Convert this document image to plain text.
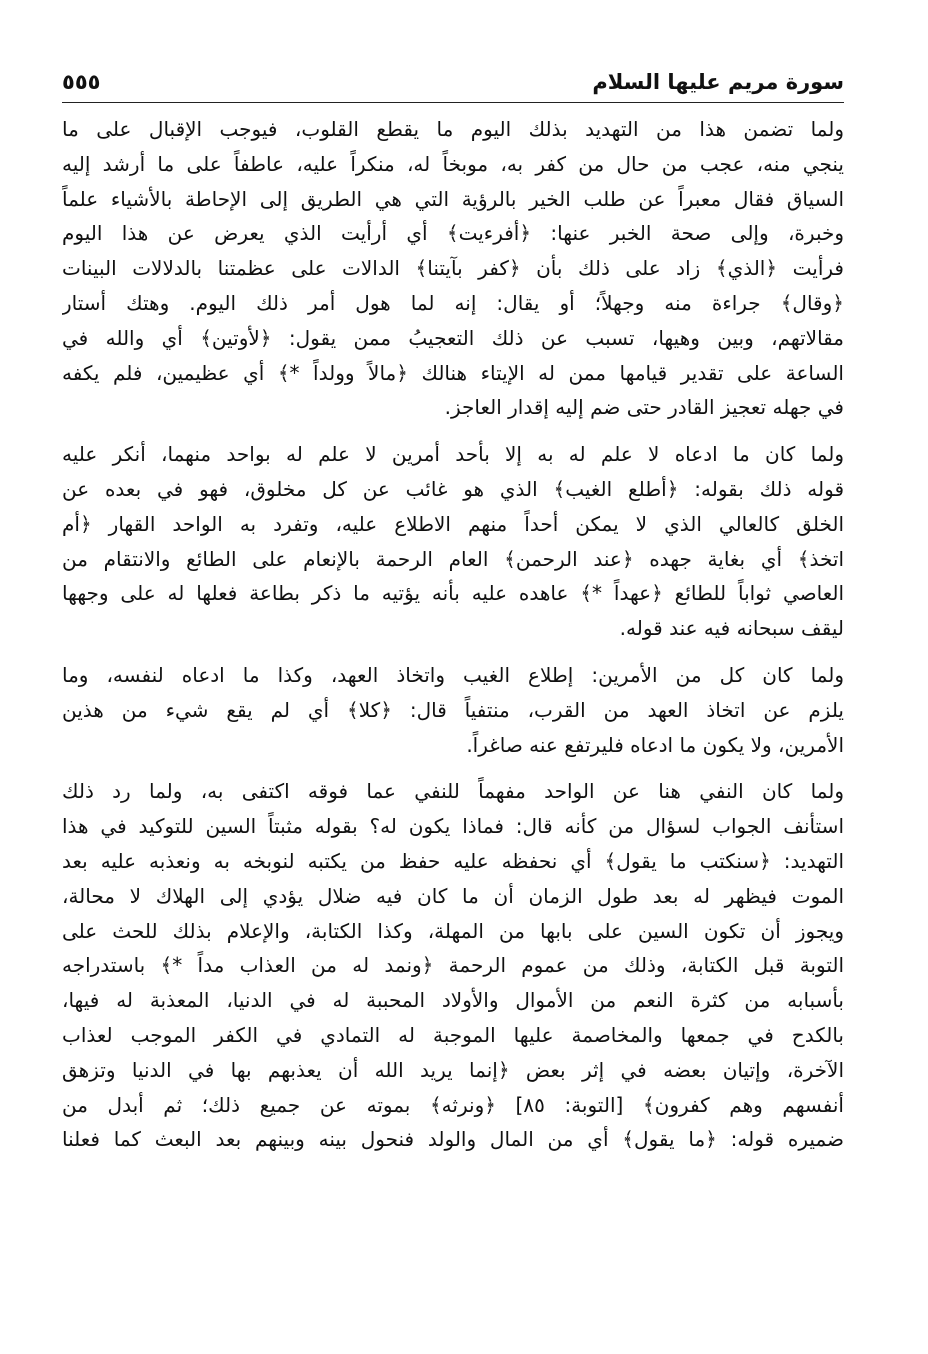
سورة مريم عليها السلام
٥٥٥
ولما تضمن هذا من التهديد بذلك اليوم ما يقطع القلوب، فيوجب الإقبال على ما
ينجي منه، عجب من حال من كفر به، موبخاً له، منكراً عليه، عاطفاً على ما أرشد إليه
السياق فقال معبراً عن طلب الخير بالرؤية التي هي الطريق إلى الإحاطة بالأشياء علماً
وخبرة، وإلى صحة الخبر عنها: ﴿أفرءيت﴾ أي أرأيت الذي يعرض عن هذا اليوم
فرأيت ﴿الذي﴾ زاد على ذلك بأن ﴿كفر بآيتنا﴾ الدالات على عظمتنا بالدلالات البينات
﴿وقال﴾ جراءة منه وجهلاً؛ أو يقال: إنه لما هول أمر ذلك اليوم. وهتك أستار
مقالاتهم، وبين وهيها، تسبب عن ذلك التعجيبُ ممن يقول: ﴿لأوتين﴾ أي والله في
الساعة على تقدير قيامها ممن له الإيتاء هنالك ﴿مالاً وولداً *﴾ أي عظيمين، فلم يكفه
في جهله تعجيز القادر حتى ضم إليه إقدار العاجز.
ولما كان ما ادعاه لا علم له به إلا بأحد أمرين لا علم له بواحد منهما، أنكر عليه
قوله ذلك بقوله: ﴿أطلع الغيب﴾ الذي هو غائب عن كل مخلوق، فهو في بعده عن
الخلق كالعالي الذي لا يمكن أحداً منهم الاطلاع عليه، وتفرد به الواحد القهار ﴿أم
اتخذ﴾ أي بغاية جهده ﴿عند الرحمن﴾ العام الرحمة بالإنعام على الطائع والانتقام من
العاصي ثواباً للطائع ﴿عهداً *﴾ عاهده عليه بأنه يؤتيه ما ذكر بطاعة فعلها له على وجهها
ليقف سبحانه فيه عند قوله.
ولما كان كل من الأمرين: إطلاع الغيب واتخاذ العهد، وكذا ما ادعاه لنفسه، وما
يلزم عن اتخاذ العهد من القرب، منتفياً قال: ﴿كلا﴾ أي لم يقع شيء من هذين
الأمرين، ولا يكون ما ادعاه فليرتفع عنه صاغراً.
ولما كان النفي هنا عن الواحد مفهماً للنفي عما فوقه اكتفى به، ولما رد ذلك
استأنف الجواب لسؤال من كأنه قال: فماذا يكون له؟ بقوله مثبتاً السين للتوكيد في هذا
التهديد: ﴿سنكتب ما يقول﴾ أي نحفظه عليه حفظ من يكتبه لنوبخه به ونعذبه عليه بعد
الموت فيظهر له بعد طول الزمان أن ما كان فيه ضلال يؤدي إلى الهلاك لا محالة،
ويجوز أن تكون السين على بابها من المهلة، وكذا الكتابة، والإعلام بذلك للحث على
التوبة قبل الكتابة، وذلك من عموم الرحمة ﴿ونمد له من العذاب مداً *﴾ باستدراجه
بأسبابه من كثرة النعم من الأموال والأولاد المحببة له في الدنيا، المعذبة له فيها،
بالكدح في جمعها والمخاصمة عليها الموجبة له التمادي في الكفر الموجب لعذاب
الآخرة، وإتيان بعضه في إثر بعض ﴿إنما يريد الله أن يعذبهم بها في الدنيا وتزهق
أنفسهم وهم كفرون﴾ [التوبة: ٨٥] ﴿ونرثه﴾ بموته عن جميع ذلك؛ ثم أبدل من
ضميره قوله: ﴿ما يقول﴾ أي من المال والولد فنحول بينه وبينهم بعد البعث كما فعلنا
